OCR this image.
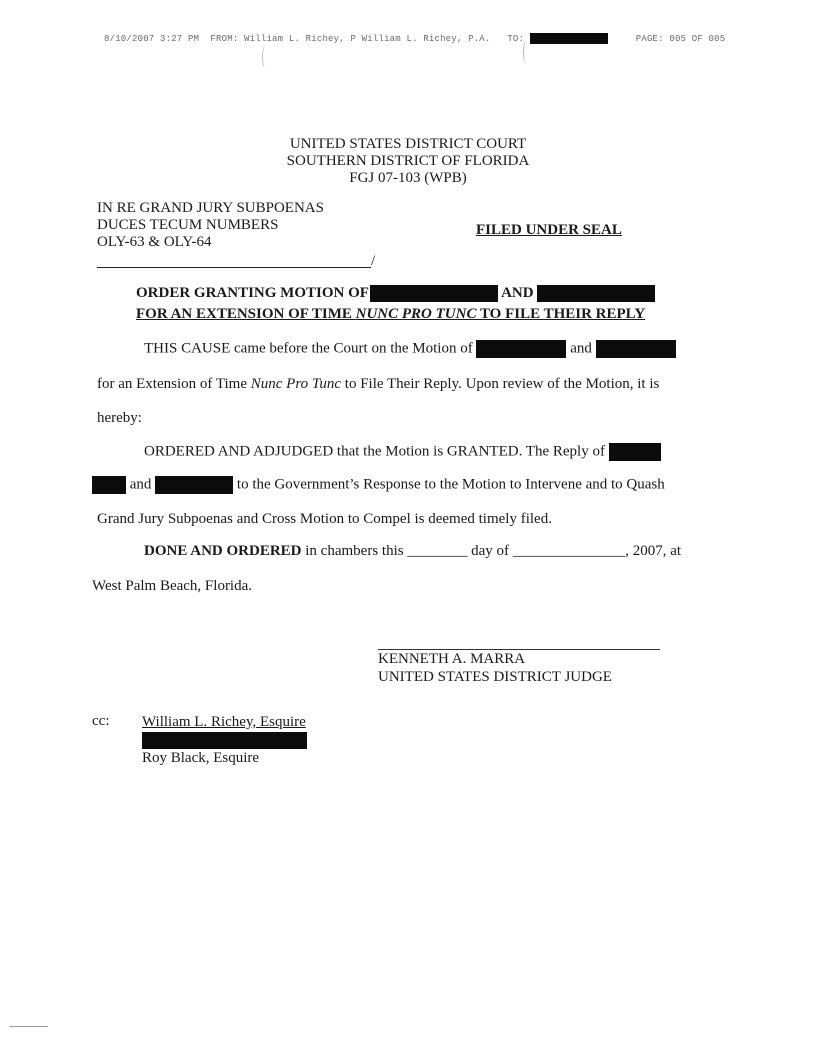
8/10/2007 3:27 PM FROM: William L. Richey, P William L. Richey, P.A. TO:	PAGE: 005 OF 005
UNITED STATES DISTRICT COURT
SOUTHERN DISTRICT OF FLORIDA
FGJ 07-103 (WPB)
IN RE GRAND JURY SUBPOENAS
DUCES TECUM NUMBERS
OLY-63 & OLY-64
/
FILED UNDER SEAL
ORDER GRANTING MOTION OF	AND
FOR AN EXTENSION OF TIME NUNC PRO TUNC TO FILE THEIR REPLY
THIS CAUSE came before the Court on the Motion of	and
for an Extension of Time Nunc Pro Tunc to File Their Reply. Upon review of the Motion, it is
hereby:
ORDERED AND ADJUDGED that the Motion is GRANTED. The Reply of
and	to the Government’s Response to the Motion to Intervene and to Quash
Grand Jury Subpoenas and Cross Motion to Compel is deemed timely filed.
DONE AND ORDERED in chambers this ________ day of _______________, 2007, at
West Palm Beach, Florida.
KENNETH A. MARRA
UNITED STATES DISTRICT JUDGE
cc: William L. Richey, Esquire
Roy Black, Esquire
